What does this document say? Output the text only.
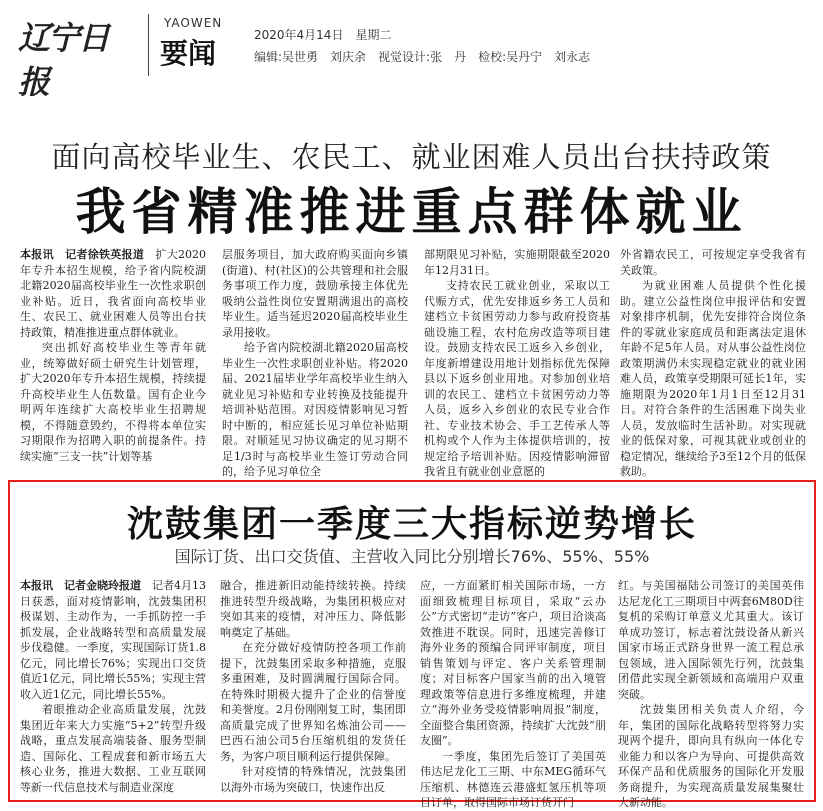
辽宁日报
YAOWEN
要闻
2020年4月14日　星期二
编辑:吴世勇　刘庆余　视觉设计:张　丹　检校:吴丹宁　刘永志
面向高校毕业生、农民工、就业困难人员出台扶持政策
我省精准推进重点群体就业

本报讯　记者徐铁英报道　 扩大2020年专升本招生规模，给予省内院校湖北籍2020届高校毕业生一次性求职创业补贴。近日，我省面向高校毕业生、农民工、就业困难人员等出台扶持政策，精准推进重点群体就业。

突出抓好高校毕业生等青年就业，统筹做好硕士研究生计划管理，扩大2020年专升本招生规模，持续提升高校毕业生人伍数量。国有企业今明两年连续扩大高校毕业生招聘规模，不得随意毁约，不得将本单位实习期限作为招聘入职的前提条件。持续实施“三支一扶”计划等基

层服务项目，加大政府购买面向乡镇(街道)、村(社区)的公共管理和社会服务事项工作力度，鼓励承接主体优先吸纳公益性岗位安置期满退出的高校毕业生。适当延迟2020届高校毕业生录用接收。

给予省内院校湖北籍2020届高校毕业生一次性求职创业补贴。将2020届、2021届毕业学年高校毕业生纳入就业见习补贴和专业转换及技能提升培训补贴范围。对因疫情影响见习暂时中断的，相应延长见习单位补贴期限。对顺延见习协议确定的见习期不足1/3时与高校毕业生签订劳动合同的，给予见习单位全

部期限见习补贴，实施期限截至2020年12月31日。

支持农民工就业创业，采取以工代赈方式，优先安排返乡务工人员和建档立卡贫困劳动力参与政府投资基础设施工程，农村危房改造等项目建设。鼓励支持农民工返乡入乡创业，年度新增建设用地计划指标优先保障县以下返乡创业用地。对参加创业培训的农民工、建档立卡贫困劳动力等人员，返乡入乡创业的农民专业合作社、专业技术协会、手工艺传承人等机构或个人作为主体提供培训的，按规定给予培训补贴。因疫情影响滞留我省且有就业创业意愿的

外省籍农民工，可按规定享受我省有关政策。

为就业困难人员提供个性化援助。建立公益性岗位申报评估和安置对象排序机制，优先安排符合岗位条件的零就业家庭成员和距离法定退休年龄不足5年人员。对从事公益性岗位政策期满仍未实现稳定就业的就业困难人员，政策享受期限可延长1年，实施期限为2020年1月1日至12月31日。对符合条件的生活困难下岗失业人员，发放临时生活补助。对实现就业的低保对象，可视其就业或创业的稳定情况，继续给予3至12个月的低保救助。

沈鼓集团一季度三大指标逆势增长
国际订货、出口交货值、主营收入同比分别增长76%、55%、55%

本报讯　记者金晓玲报道　 记者4月13日获悉，面对疫情影响，沈鼓集团积极谋划、主动作为，一手抓防控一手抓发展，企业战略转型和高质量发展步伐稳健。一季度，实现国际订货1.8亿元，同比增长76%；实现出口交货值近1亿元，同比增长55%；实现主营收入近1亿元，同比增长55%。

着眼推动企业高质量发展，沈鼓集团近年来大力实施“5+2”转型升级战略，重点发展高端装备、服务型制造、国际化、工程成套和新市场五大核心业务，推进大数据、工业互联网等新一代信息技术与制造业深度

融合，推进新旧动能持续转换。持续推进转型升级战略，为集团积极应对突如其来的疫情，对冲压力、降低影响奠定了基础。

在充分做好疫情防控各项工作前提下，沈鼓集团采取多种措施，克服多重困难，及时圆满履行国际合同。在特殊时期极大提升了企业的信誉度和美誉度。2月份刚刚复工时，集团即高质量完成了世界知名炼油公司——巴西石油公司5台压缩机组的发货任务，为客户项目顺利运行提供保障。

针对疫情的特殊情况，沈鼓集团以海外市场为突破口，快速作出反

应，一方面紧盯相关国际市场，一方面细致梳理目标项目，采取“云办公”方式密切“走访”客户，项目洽谈高效推进不耽误。同时，迅速完善修订海外业务的预编合同评审制度，项目销售策划与评定、客户关系管理制度；对目标客户国家当前的出入境管理政策等信息进行多维度梳理，并建立“海外业务受疫情影响周报”制度，全面整合集团资源，持续扩大沈鼓“朋友圈”。

一季度，集团先后签订了美国英伟达尼龙化工三期、中东MEG循环气压缩机、林德连云港盛虹氢压机等项目订单，取得国际市场订货开门

红。与美国福陆公司签订的美国英伟达尼龙化工三期项目中两套6M80D往复机的采购订单意义尤其重大。该订单成功签订，标志着沈鼓设备从新兴国家市场正式跻身世界一流工程总承包领域，进入国际领先行列，沈鼓集团借此实现全新领域和高端用户双重突破。

沈鼓集团相关负责人介绍，今年，集团的国际化战略转型将努力实现两个提升，即向具有纵向一体化专业能力和以客户为导向、可提供高效环保产品和优质服务的国际化开发服务商提升，为实现高质量发展集聚壮大新动能。
